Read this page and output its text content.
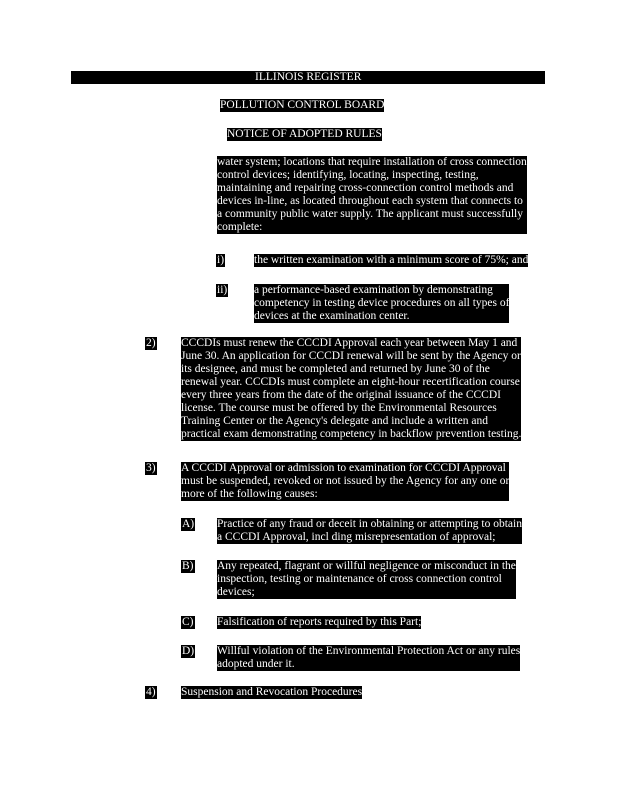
ILLINOIS REGISTER
POLLUTION CONTROL BOARD
NOTICE OF ADOPTED RULES
water system; locations that require installation of cross connection
control devices; identifying, locating, inspecting, testing,
maintaining and repairing cross-connection control methods and
devices in-line, as located throughout each system that connects to
a community public water supply. The applicant must successfully
complete:
i)	the written examination with a minimum score of 75%; and
ii) a performance-based examination by demonstrating
competency in testing device procedures on all types of
devices at the examination center.
2) CCCDIs must renew the CCCDI Approval each year between May 1 and
June 30. An application for CCCDI renewal will be sent by the Agency or
its designee, and must be completed and returned by June 30 of the
renewal year. CCCDIs must complete an eight-hour recertification course
every three years from the date of the original issuance of the CCCDI
license. The course must be offered by the Environmental Resources
Training Center or the Agency's delegate and include a written and
practical exam demonstrating competency in backflow prevention testing.
3) A CCCDI Approval or admission to examination for CCCDI Approval
must be suspended, revoked or not issued by the Agency for any one or
more of the following causes:
A) Practice of any fraud or deceit in obtaining or attempting to obtain
a CCCDI Approval, incl ding misrepresentation of approval;
B) Any repeated, flagrant or willful negligence or misconduct in the
inspection, testing or maintenance of cross connection control
devices;
C) Falsification of reports required by this Part;
D) Willful violation of the Environmental Protection Act or any rules
adopted under it.
4) Suspension and Revocation Procedures
